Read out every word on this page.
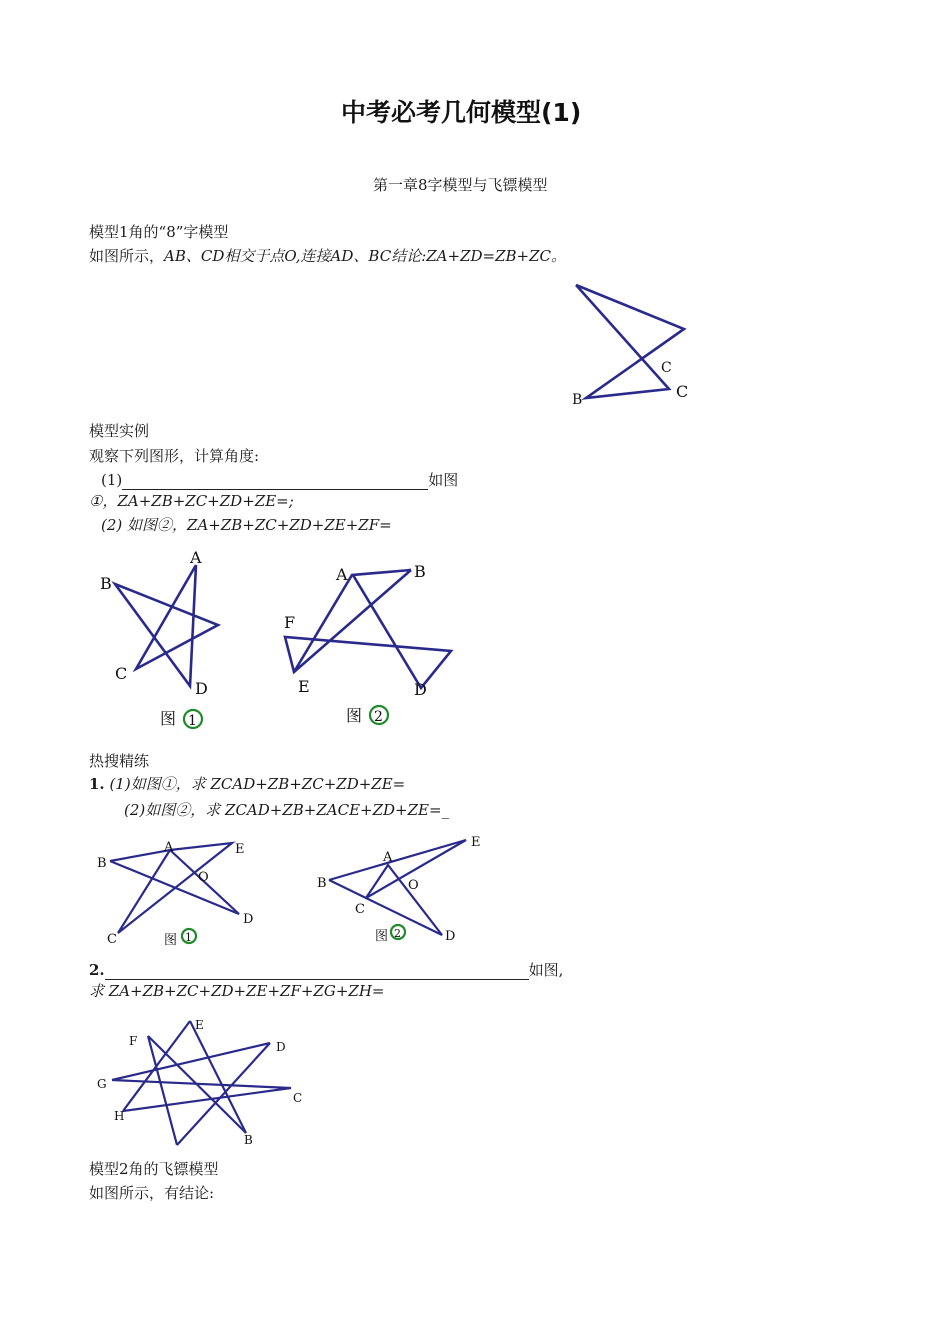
中考必考几何模型(1)
第一章8字模型与飞镖模型
模型1角的“8”字模型
如图所示，AB、CD相交于点O,连接AD、BC结论:ZA+ZD=ZB+ZC。
C
B	C
模型实例
观察下列图形，计算角度:
(1)	如图
①，ZA+ZB+ZC+ZD+ZE=;
(2) 如图②，ZA+ZB+ZC+ZD+ZE+ZF=
A
B
C
D
图 1
A	B
F
E	D
图 2
热搜精练
1. (1)如图①，求 ZCAD+ZB+ZC+ZD+ZE=
(2)如图②，求 ZCAD+ZB+ZACE+ZD+ZE=_
B
A	E
O
C
D
图 1
B
A
E
O
C
D
图 2
2.	如图,
求 ZA+ZB+ZC+ZD+ZE+ZF+ZG+ZH=
E
F	D
G
C
H
B
模型2角的飞镖模型
如图所示，有结论:
